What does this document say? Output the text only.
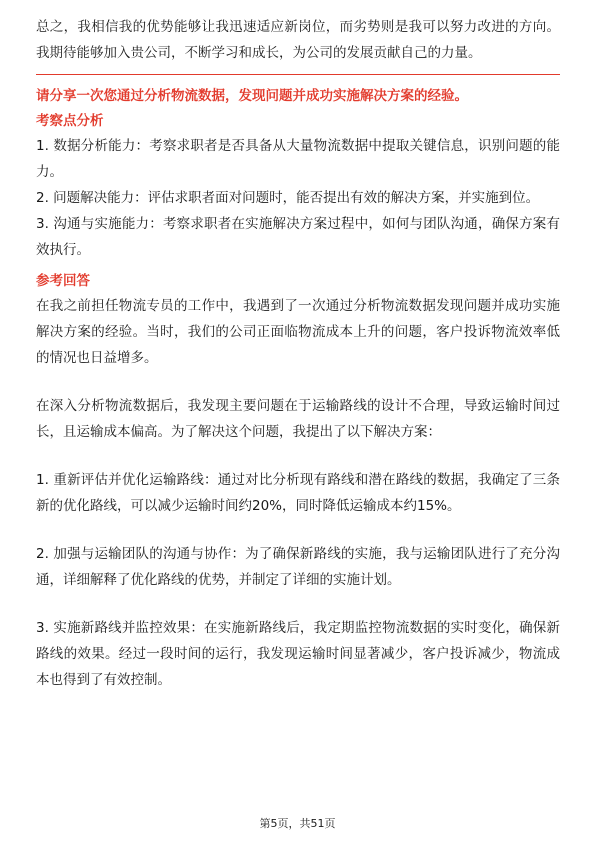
总之，我相信我的优势能够让我迅速适应新岗位，而劣势则是我可以努力改进的方向。我期待能够加入贵公司，不断学习和成长，为公司的发展贡献自己的力量。

请分享一次您通过分析物流数据，发现问题并成功实施解决方案的经验。

考察点分析

1. 数据分析能力：考察求职者是否具备从大量物流数据中提取关键信息，识别问题的能力。

2. 问题解决能力：评估求职者面对问题时，能否提出有效的解决方案，并实施到位。

3. 沟通与实施能力：考察求职者在实施解决方案过程中，如何与团队沟通，确保方案有效执行。

参考回答

在我之前担任物流专员的工作中，我遇到了一次通过分析物流数据发现问题并成功实施解决方案的经验。当时，我们的公司正面临物流成本上升的问题，客户投诉物流效率低的情况也日益增多。

在深入分析物流数据后，我发现主要问题在于运输路线的设计不合理，导致运输时间过长，且运输成本偏高。为了解决这个问题，我提出了以下解决方案：

1. 重新评估并优化运输路线：通过对比分析现有路线和潜在路线的数据，我确定了三条新的优化路线，可以减少运输时间约20%，同时降低运输成本约15%。

2. 加强与运输团队的沟通与协作：为了确保新路线的实施，我与运输团队进行了充分沟通，详细解释了优化路线的优势，并制定了详细的实施计划。

3. 实施新路线并监控效果：在实施新路线后，我定期监控物流数据的实时变化，确保新路线的效果。经过一段时间的运行，我发现运输时间显著减少，客户投诉减少，物流成本也得到了有效控制。

第5页，共51页
